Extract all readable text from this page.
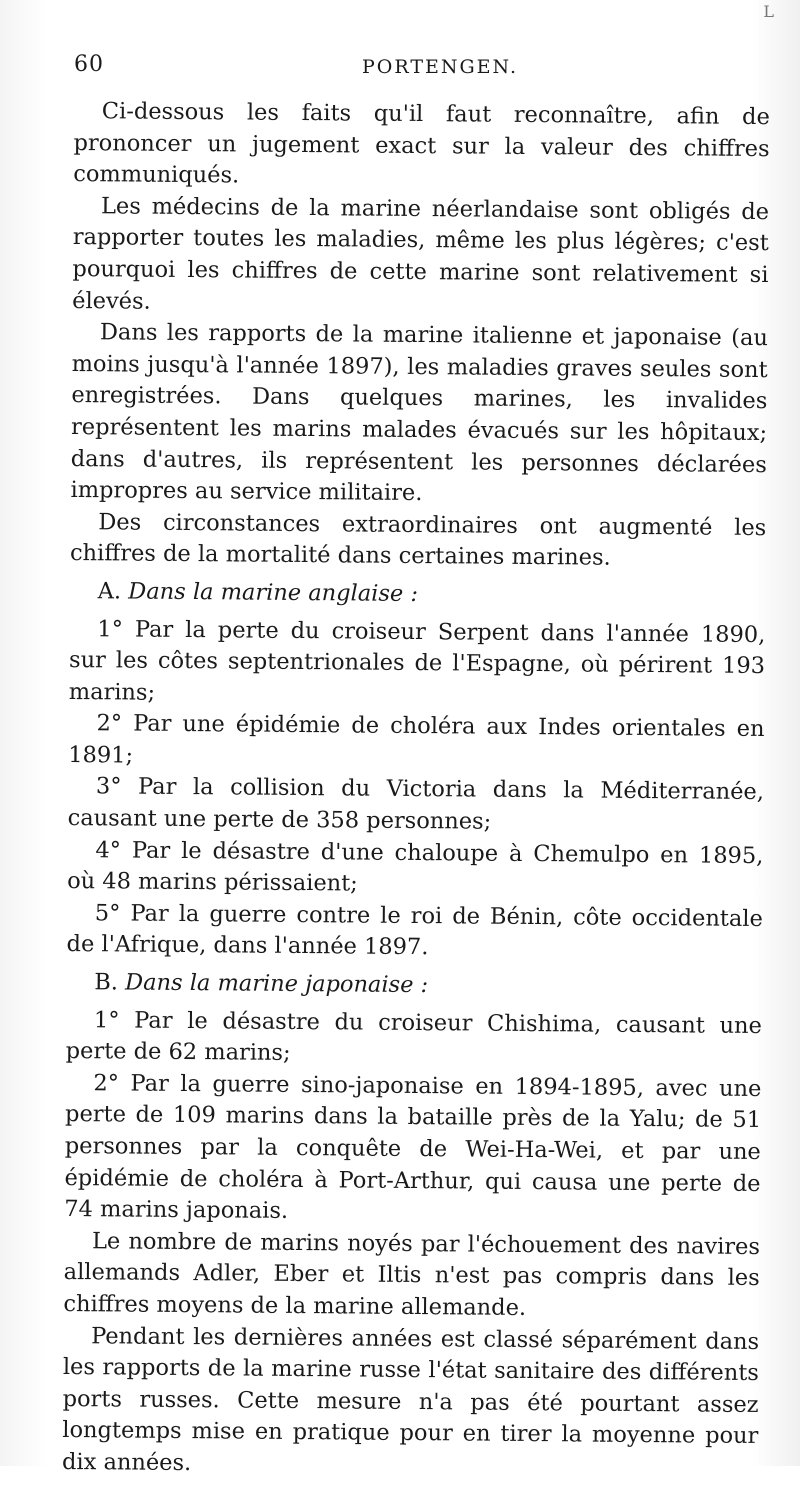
L
60	PORTENGEN.

Ci-dessous les faits qu'il faut reconnaître, afin de prononcer un jugement exact sur la valeur des chiffres communiqués.

Les médecins de la marine néerlandaise sont obligés de rapporter toutes les maladies, même les plus légères; c'est pourquoi les chiffres de cette marine sont relativement si élevés.

Dans les rapports de la marine italienne et japonaise (au moins jusqu'à l'année 1897), les maladies graves seules sont enregistrées. Dans quelques marines, les invalides représentent les marins malades évacués sur les hôpitaux; dans d'autres, ils représentent les personnes déclarées impropres au service militaire.

Des circonstances extraordinaires ont augmenté les chiffres de la mortalité dans certaines marines.

A. Dans la marine anglaise :

1° Par la perte du croiseur Serpent dans l'année 1890, sur les côtes septentrionales de l'Espagne, où périrent 193 marins;

2° Par une épidémie de choléra aux Indes orientales en 1891;

3° Par la collision du Victoria dans la Méditerranée, causant une perte de 358 personnes;

4° Par le désastre d'une chaloupe à Chemulpo en 1895, où 48 marins périssaient;

5° Par la guerre contre le roi de Bénin, côte occidentale de l'Afrique, dans l'année 1897.

B. Dans la marine japonaise :

1° Par le désastre du croiseur Chishima, causant une perte de 62 marins;

2° Par la guerre sino-japonaise en 1894-1895, avec une perte de 109 marins dans la bataille près de la Yalu; de 51 personnes par la conquête de Wei-Ha-Wei, et par une épidémie de choléra à Port-Arthur, qui causa une perte de 74 marins japonais.

Le nombre de marins noyés par l'échouement des navires allemands Adler, Eber et Iltis n'est pas compris dans les chiffres moyens de la marine allemande.

Pendant les dernières années est classé séparément dans les rapports de la marine russe l'état sanitaire des différents ports russes. Cette mesure n'a pas été pourtant assez longtemps mise en pratique pour en tirer la moyenne pour dix années.
